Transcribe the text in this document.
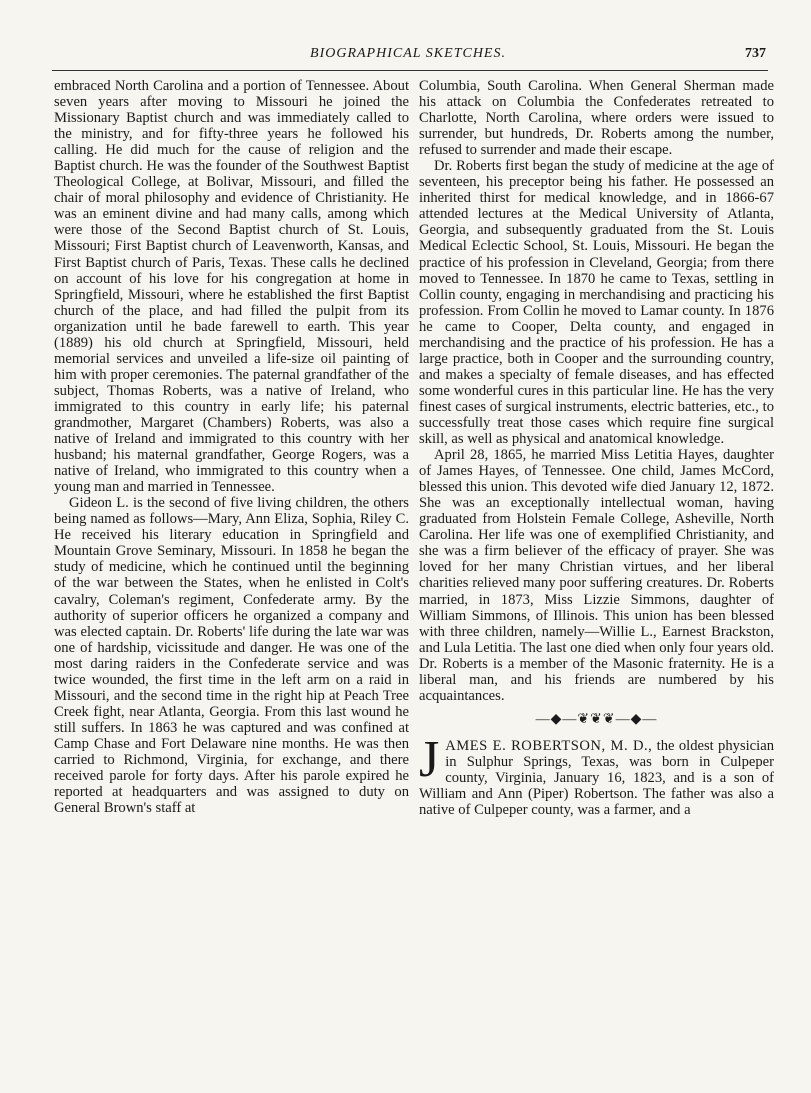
BIOGRAPHICAL SKETCHES.	737

embraced North Carolina and a portion of Tennessee. About seven years after moving to Missouri he joined the Missionary Baptist church and was immediately called to the ministry, and for fifty-three years he followed his calling. He did much for the cause of religion and the Baptist church. He was the founder of the Southwest Baptist Theological College, at Bolivar, Missouri, and filled the chair of moral philosophy and evidence of Christianity. He was an eminent divine and had many calls, among which were those of the Second Baptist church of St. Louis, Missouri; First Baptist church of Leavenworth, Kansas, and First Baptist church of Paris, Texas. These calls he declined on account of his love for his congregation at home in Springfield, Missouri, where he established the first Baptist church of the place, and had filled the pulpit from its organization until he bade farewell to earth. This year (1889) his old church at Springfield, Missouri, held memorial services and unveiled a life-size oil painting of him with proper ceremonies. The paternal grandfather of the subject, Thomas Roberts, was a native of Ireland, who immigrated to this country in early life; his paternal grandmother, Margaret (Chambers) Roberts, was also a native of Ireland and immigrated to this country with her husband; his maternal grandfather, George Rogers, was a native of Ireland, who immigrated to this country when a young man and married in Tennessee.

Gideon L. is the second of five living children, the others being named as follows—Mary, Ann Eliza, Sophia, Riley C. He received his literary education in Springfield and Mountain Grove Seminary, Missouri. In 1858 he began the study of medicine, which he continued until the beginning of the war between the States, when he enlisted in Colt's cavalry, Coleman's regiment, Confederate army. By the authority of superior officers he organized a company and was elected captain. Dr. Roberts' life during the late war was one of hardship, vicissitude and danger. He was one of the most daring raiders in the Confederate service and was twice wounded, the first time in the left arm on a raid in Missouri, and the second time in the right hip at Peach Tree Creek fight, near Atlanta, Georgia. From this last wound he still suffers. In 1863 he was captured and was confined at Camp Chase and Fort Delaware nine months. He was then carried to Richmond, Virginia, for exchange, and there received parole for forty days. After his parole expired he reported at headquarters and was assigned to duty on General Brown's staff at

Columbia, South Carolina. When General Sherman made his attack on Columbia the Confederates retreated to Charlotte, North Carolina, where orders were issued to surrender, but hundreds, Dr. Roberts among the number, refused to surrender and made their escape.

Dr. Roberts first began the study of medicine at the age of seventeen, his preceptor being his father. He possessed an inherited thirst for medical knowledge, and in 1866-67 attended lectures at the Medical University of Atlanta, Georgia, and subsequently graduated from the St. Louis Medical Eclectic School, St. Louis, Missouri. He began the practice of his profession in Cleveland, Georgia; from there moved to Tennessee. In 1870 he came to Texas, settling in Collin county, engaging in merchandising and practicing his profession. From Collin he moved to Lamar county. In 1876 he came to Cooper, Delta county, and engaged in merchandising and the practice of his profession. He has a large practice, both in Cooper and the surrounding country, and makes a specialty of female diseases, and has effected some wonderful cures in this particular line. He has the very finest cases of surgical instruments, electric batteries, etc., to successfully treat those cases which require fine surgical skill, as well as physical and anatomical knowledge.

April 28, 1865, he married Miss Letitia Hayes, daughter of James Hayes, of Tennessee. One child, James McCord, blessed this union. This devoted wife died January 12, 1872. She was an exceptionally intellectual woman, having graduated from Holstein Female College, Asheville, North Carolina. Her life was one of exemplified Christianity, and she was a firm believer of the efficacy of prayer. She was loved for her many Christian virtues, and her liberal charities relieved many poor suffering creatures. Dr. Roberts married, in 1873, Miss Lizzie Simmons, daughter of William Simmons, of Illinois. This union has been blessed with three children, namely—Willie L., Earnest Brackston, and Lula Letitia. The last one died when only four years old. Dr. Roberts is a member of the Masonic fraternity. He is a liberal man, and his friends are numbered by his acquaintances.

—◆—❦❦❦—◆—

JAMES E. ROBERTSON, M. D., the oldest physician in Sulphur Springs, Texas, was born in Culpeper county, Virginia, January 16, 1823, and is a son of William and Ann (Piper) Robertson. The father was also a native of Culpeper county, was a farmer, and a
